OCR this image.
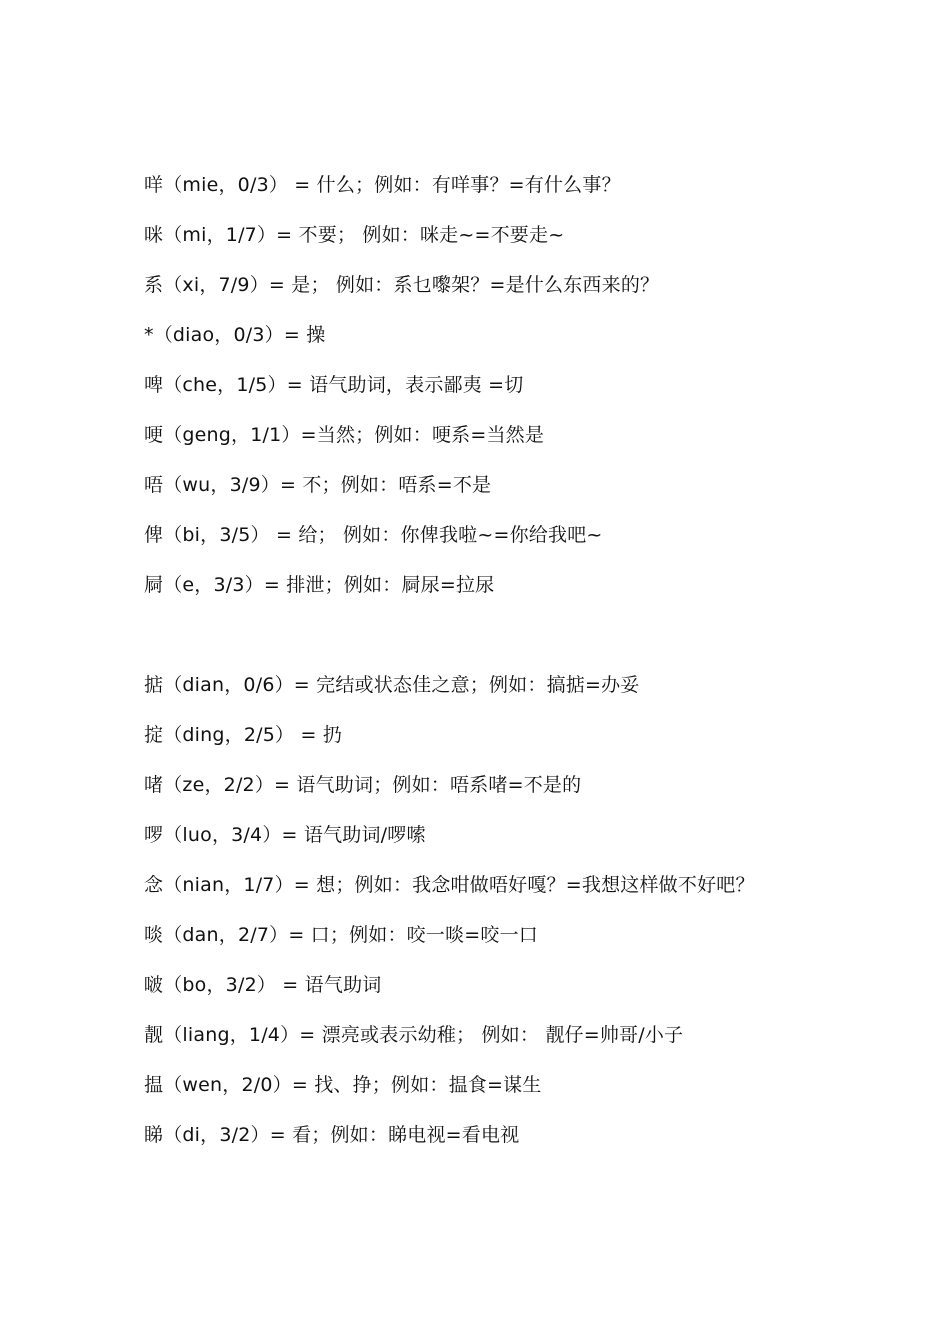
咩（mie，0/3） = 什么；例如：有咩事？=有什么事？
咪（mi，1/7）= 不要； 例如：咪走~=不要走~
系（xi，7/9）= 是； 例如：系乜嚟架？=是什么东西来的？
*（diao，0/3）= 操
啤（che，1/5）= 语气助词，表示鄙夷 =切
哽（geng，1/1）=当然；例如：哽系=当然是
唔（wu，3/9）= 不；例如：唔系=不是
俾（bi，3/5） = 给； 例如：你俾我啦~=你给我吧~
屙（e，3/3）= 排泄；例如：屙尿=拉尿
掂（dian，0/6）= 完结或状态佳之意；例如：搞掂=办妥
掟（ding，2/5） = 扔
啫（ze，2/2）= 语气助词；例如：唔系啫=不是的
啰（luo，3/4）= 语气助词/啰嗦
念（nian，1/7）= 想；例如：我念咁做唔好嘎？=我想这样做不好吧？
啖（dan，2/7）= 口；例如：咬一啖=咬一口
啵（bo，3/2） = 语气助词
靓（liang，1/4）= 漂亮或表示幼稚； 例如： 靓仔=帅哥/小子
揾（wen，2/0）= 找、挣；例如：揾食=谋生
睇（di，3/2）= 看；例如：睇电视=看电视
